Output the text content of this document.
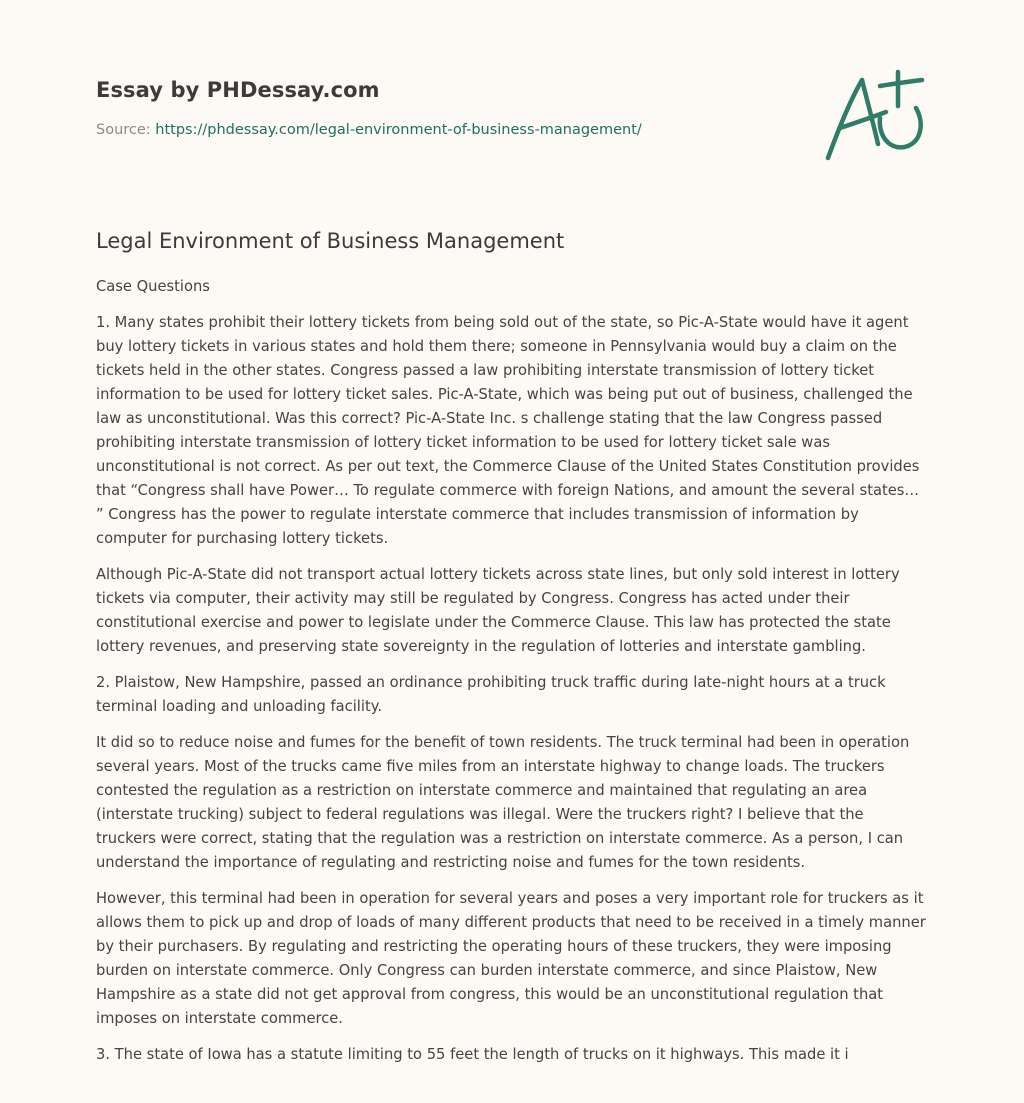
Essay by PHDessay.com
Source: https://phdessay.com/legal-environment-of-business-management/
Legal Environment of Business Management

Case Questions

1. Many states prohibit their lottery tickets from being sold out of the state, so Pic-A-State would have it agent buy lottery tickets in various states and hold them there; someone in Pennsylvania would buy a claim on the tickets held in the other states. Congress passed a law prohibiting interstate transmission of lottery ticket information to be used for lottery ticket sales. Pic-A-State, which was being put out of business, challenged the law as unconstitutional. Was this correct? Pic-A-State Inc. s challenge stating that the law Congress passed prohibiting interstate transmission of lottery ticket information to be used for lottery ticket sale was unconstitutional is not correct. As per out text, the Commerce Clause of the United States Constitution provides that “Congress shall have Power… To regulate commerce with foreign Nations, and amount the several states… ” Congress has the power to regulate interstate commerce that includes transmission of information by computer for purchasing lottery tickets.

Although Pic-A-State did not transport actual lottery tickets across state lines, but only sold interest in lottery tickets via computer, their activity may still be regulated by Congress. Congress has acted under their constitutional exercise and power to legislate under the Commerce Clause. This law has protected the state lottery revenues, and preserving state sovereignty in the regulation of lotteries and interstate gambling.

2. Plaistow, New Hampshire, passed an ordinance prohibiting truck traffic during late-night hours at a truck terminal loading and unloading facility.

It did so to reduce noise and fumes for the benefit of town residents. The truck terminal had been in operation several years. Most of the trucks came five miles from an interstate highway to change loads. The truckers contested the regulation as a restriction on interstate commerce and maintained that regulating an area (interstate trucking) subject to federal regulations was illegal. Were the truckers right? I believe that the truckers were correct, stating that the regulation was a restriction on interstate commerce. As a person, I can understand the importance of regulating and restricting noise and fumes for the town residents.

However, this terminal had been in operation for several years and poses a very important role for truckers as it allows them to pick up and drop of loads of many different products that need to be received in a timely manner by their purchasers. By regulating and restricting the operating hours of these truckers, they were imposing burden on interstate commerce. Only Congress can burden interstate commerce, and since Plaistow, New Hampshire as a state did not get approval from congress, this would be an unconstitutional regulation that imposes on interstate commerce.

3. The state of Iowa has a statute limiting to 55 feet the length of trucks on it highways. This made it i
